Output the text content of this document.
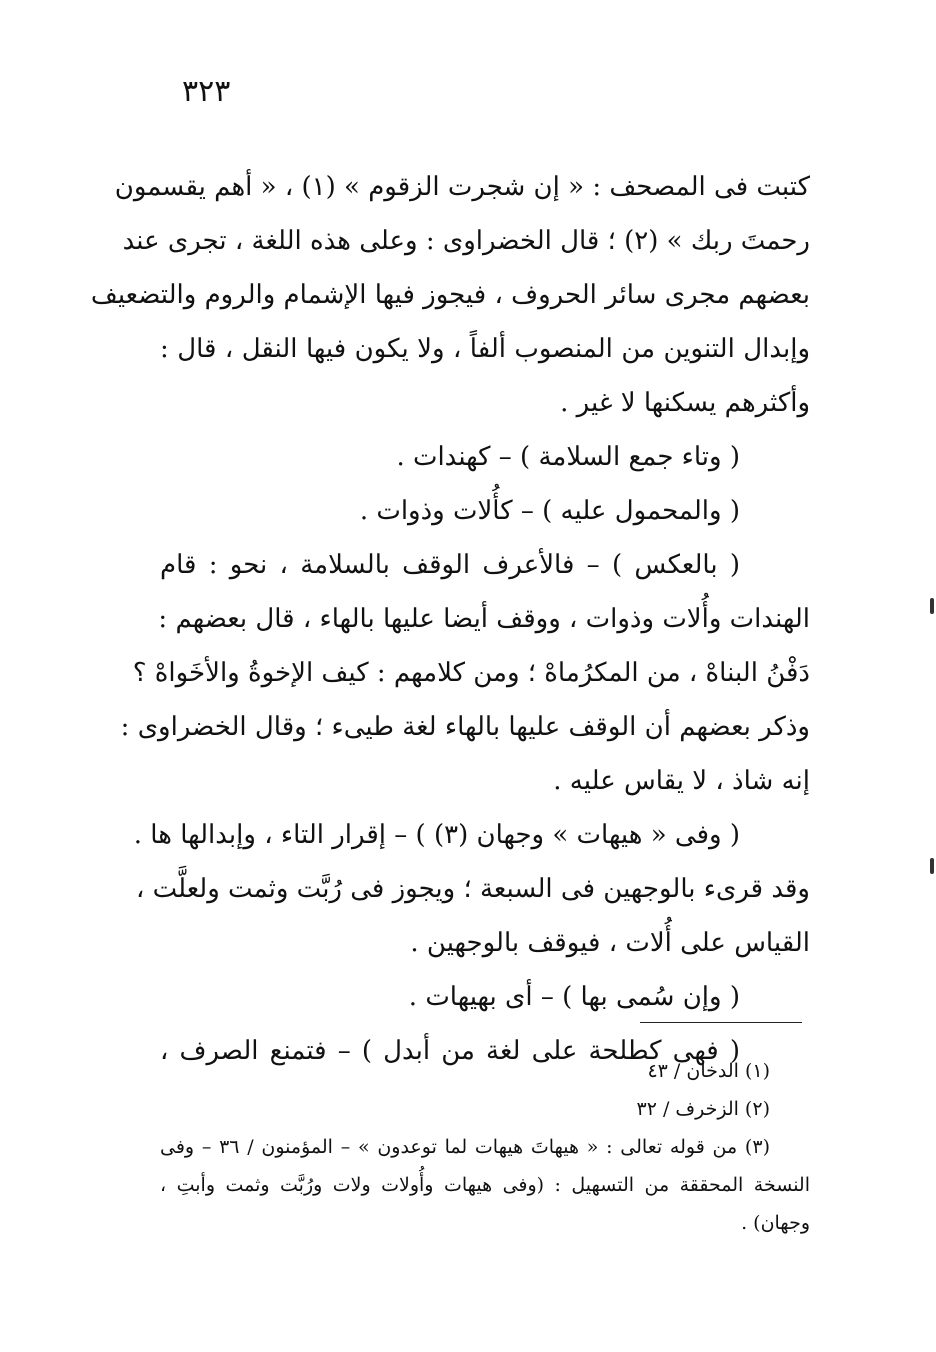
٣٢٣
كتبت فى المصحف : « إن شجرت الزقوم » (١) ، « أهم يقسمون
رحمتَ ربك » (٢) ؛ قال الخضراوى : وعلى هذه اللغة ، تجرى عند
بعضهم مجرى سائر الحروف ، فيجوز فيها الإشمام والروم والتضعيف
وإبدال التنوين من المنصوب ألفاً ، ولا يكون فيها النقل ، قال :
وأكثرهم يسكنها لا غير .
( وتاء جمع السلامة ) – كهندات .
( والمحمول عليه ) – كأُلات وذوات .
( بالعكس ) – فالأعرف الوقف بالسلامة ، نحو : قام
الهندات وأُلات وذوات ، ووقف أيضا عليها بالهاء ، قال بعضهم :
دَفْنُ البناهْ ، من المكرُماهْ ؛ ومن كلامهم : كيف الإخوةُ والأخَواهْ ؟
وذكر بعضهم أن الوقف عليها بالهاء لغة طيىء ؛ وقال الخضراوى :
إنه شاذ ، لا يقاس عليه .
( وفى « هيهات » وجهان (٣) ) – إقرار التاء ، وإبدالها ها .
وقد قرىء بالوجهين فى السبعة ؛ ويجوز فى رُبَّت وثمت ولعلَّت ،
القياس على أُلات ، فيوقف بالوجهين .
( وإن سُمى بها ) – أى بهيهات .
( فهى كطلحة على لغة من أبدل ) – فتمنع الصرف ،
(١) الدخان / ٤٣
(٢) الزخرف / ٣٢
(٣) من قوله تعالى : « هيهاتَ هيهات لما توعدون » – المؤمنون / ٣٦ – وفى
النسخة المحققة من التسهيل : (وفى هيهات وأُولات ولات ورُبَّت وثمت وأبتِ ،
وجهان) .
